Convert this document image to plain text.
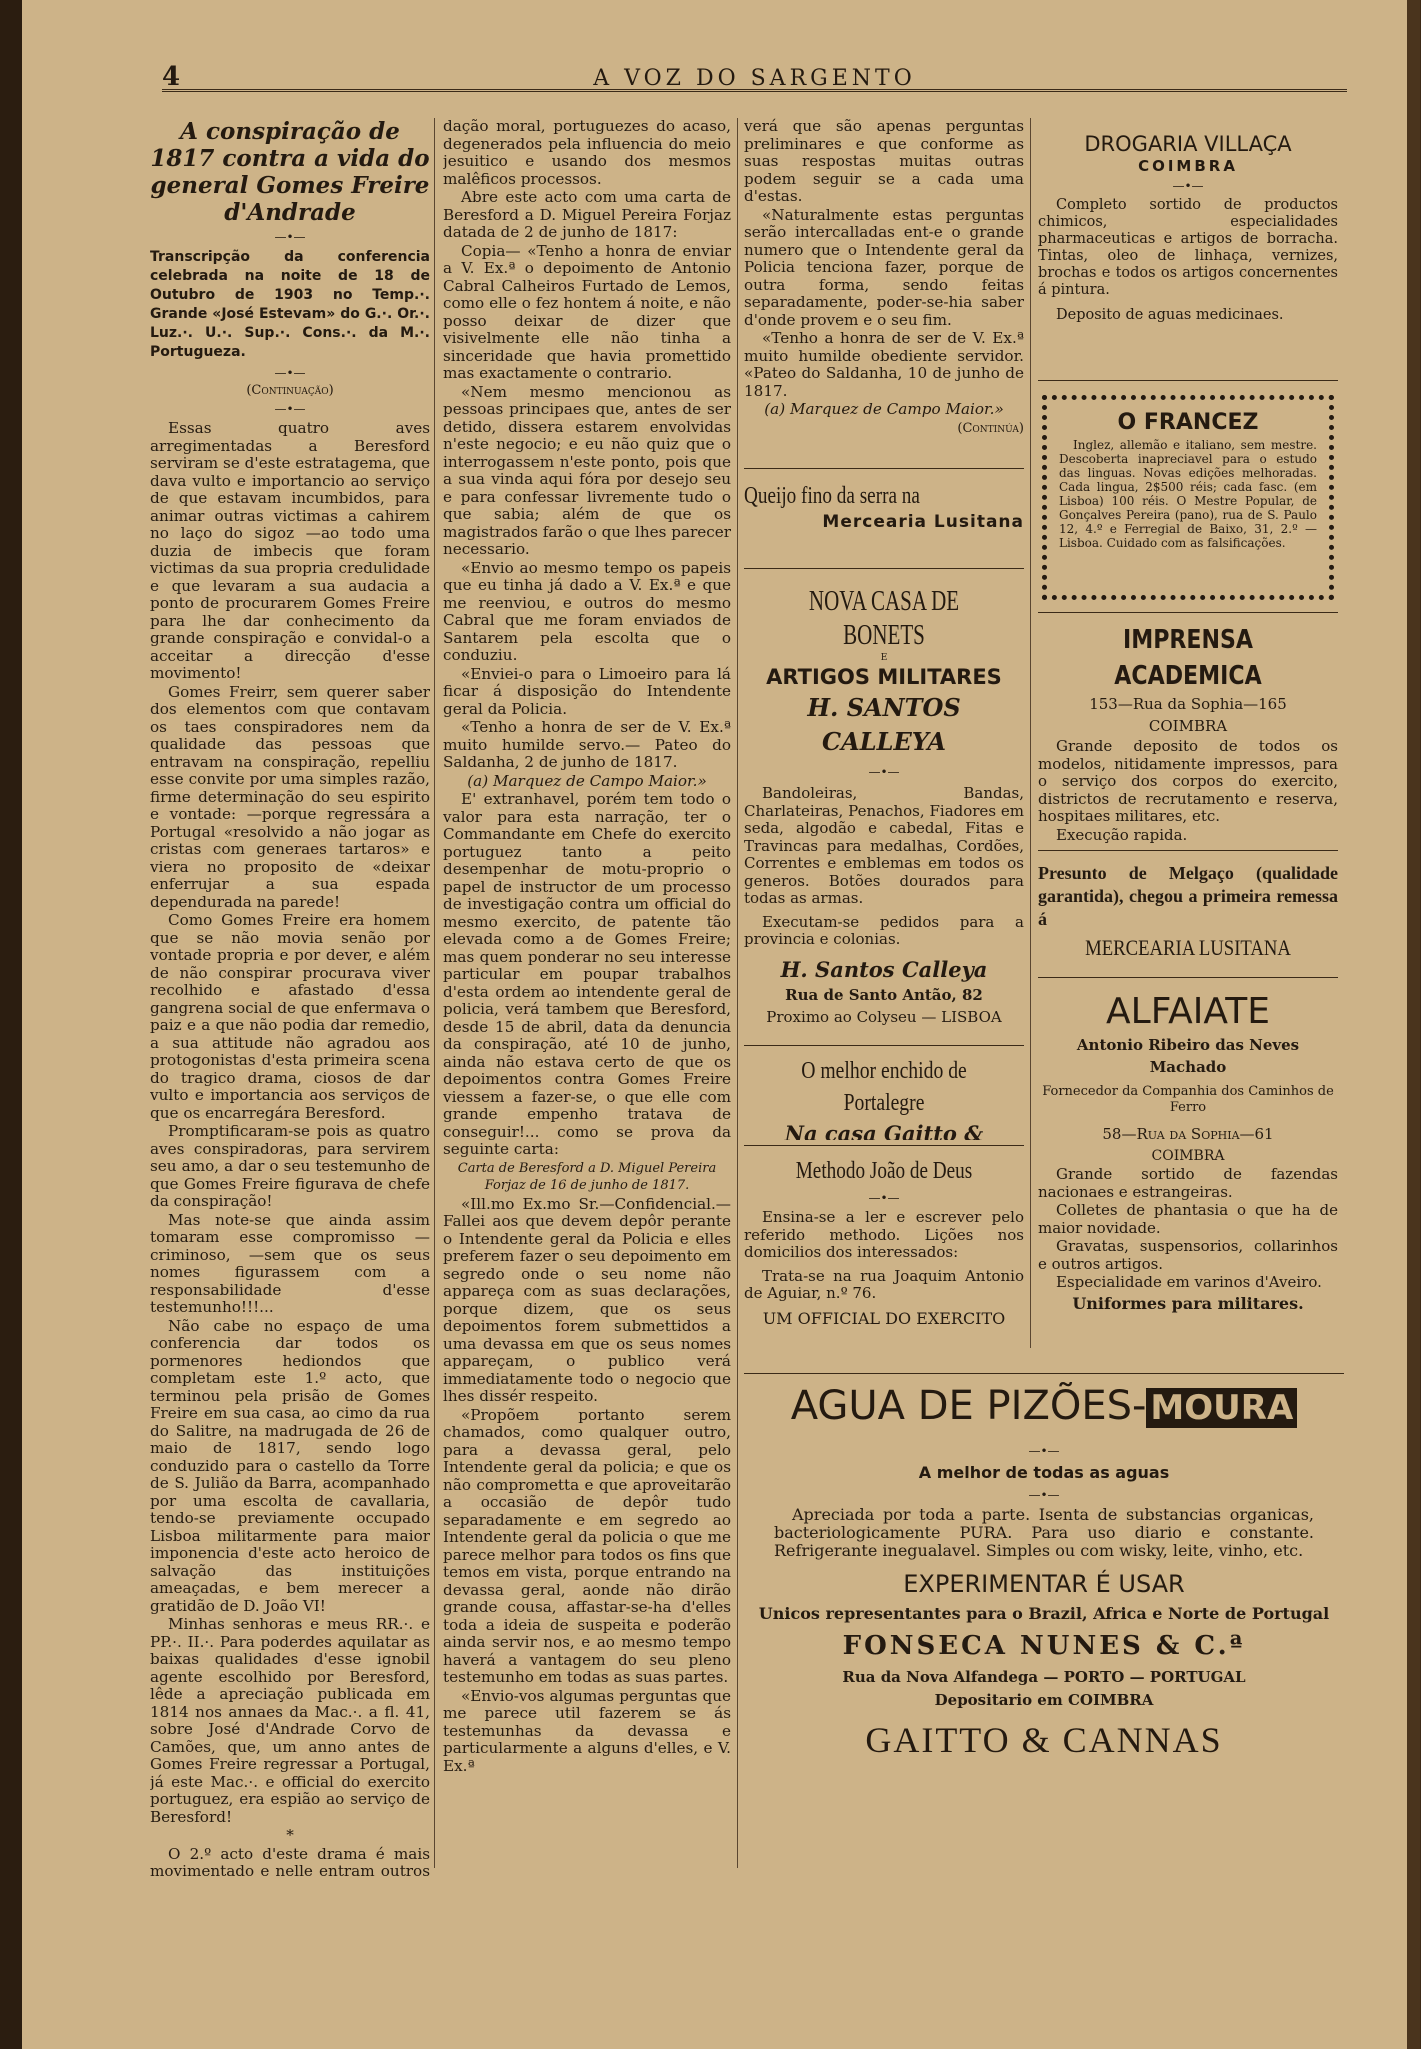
4	A VOZ DO SARGENTO
A conspiração de 1817 contra a vida do general Gomes Freire d'Andrade
—•—
Transcripção da conferencia celebrada na noite de 18 de Outubro de 1903 no Temp.·. Grande «José Estevam» do G.·. Or.·. Luz.·. U.·. Sup.·. Cons.·. da M.·. Portugueza.
—•—
(Continuação)
—•—

Essas quatro aves arregimentadas a Beresford serviram se d'este estratagema, que dava vulto e importancio ao serviço de que estavam incumbidos, para animar outras victimas a cahirem no laço do sigoz —ao todo uma duzia de imbecis que foram victimas da sua propria credulidade e que levaram a sua audacia a ponto de procurarem Gomes Freire para lhe dar conhecimento da grande conspiração e convidal-o a acceitar a direcção d'esse movimento!

Gomes Freirr, sem querer saber dos elementos com que contavam os taes conspiradores nem da qualidade das pessoas que entravam na conspiração, repelliu esse convite por uma simples razão, firme determinação do seu espirito e vontade: —porque regressára a Portugal «resolvido a não jogar as cristas com generaes tartaros» e viera no proposito de «deixar enferrujar a sua espada dependurada na parede!

Como Gomes Freire era homem que se não movia senão por vontade propria e por dever, e além de não conspirar procurava viver recolhido e afastado d'essa gangrena social de que enfermava o paiz e a que não podia dar remedio, a sua attitude não agradou aos protogonistas d'esta primeira scena do tragico drama, ciosos de dar vulto e importancia aos serviços de que os encarregára Beresford.

Promptificaram-se pois as quatro aves conspiradoras, para servirem seu amo, a dar o seu testemunho de que Gomes Freire figurava de chefe da conspiração!

Mas note-se que ainda assim tomaram esse compromisso —criminoso, —sem que os seus nomes figurassem com a responsabilidade d'esse testemunho!!!...

Não cabe no espaço de uma conferencia dar todos os pormenores hediondos que completam este 1.º acto, que terminou pela prisão de Gomes Freire em sua casa, ao cimo da rua do Salitre, na madrugada de 26 de maio de 1817, sendo logo conduzido para o castello da Torre de S. Julião da Barra, acompanhado por uma escolta de cavallaria, tendo-se previamente occupado Lisboa militarmente para maior imponencia d'este acto heroico de salvação das instituições ameaçadas, e bem merecer a gratidão de D. João VI!

Minhas senhoras e meus RR.·. e PP.·. II.·. Para poderdes aquilatar as baixas qualidades d'esse ignobil agente escolhido por Beresford, lêde a apreciação publicada em 1814 nos annaes da Mac.·. a fl. 41, sobre José d'Andrade Corvo de Camões, que, um anno antes de Gomes Freire regressar a Portugal, já este Mac.·. e official do exercito portuguez, era espião ao serviço de Beresford!

*

O 2.º acto d'este drama é mais movimentado e nelle entram outros

dação moral, portuguezes do acaso, degenerados pela influencia do meio jesuitico e usando dos mesmos malêficos processos.

Abre este acto com uma carta de Beresford a D. Miguel Pereira Forjaz datada de 2 de junho de 1817:

Copia— «Tenho a honra de enviar a V. Ex.ª o depoimento de Antonio Cabral Calheiros Furtado de Lemos, como elle o fez hontem á noite, e não posso deixar de dizer que visivelmente elle não tinha a sinceridade que havia promettido mas exactamente o contrario.

«Nem mesmo mencionou as pessoas principaes que, antes de ser detido, dissera estarem envolvidas n'este negocio; e eu não quiz que o interrogassem n'este ponto, pois que a sua vinda aqui fóra por desejo seu e para confessar livremente tudo o que sabia; além de que os magistrados farão o que lhes parecer necessario.

«Envio ao mesmo tempo os papeis que eu tinha já dado a V. Ex.ª e que me reenviou, e outros do mesmo Cabral que me foram enviados de Santarem pela escolta que o conduziu.

«Enviei-o para o Limoeiro para lá ficar á disposição do Intendente geral da Policia.

«Tenho a honra de ser de V. Ex.ª muito humilde servo.— Pateo do Saldanha, 2 de junho de 1817.

(a) Marquez de Campo Maior.»

E' extranhavel, porém tem todo o valor para esta narração, ter o Commandante em Chefe do exercito portuguez tanto a peito desempenhar de motu-proprio o papel de instructor de um processo de investigação contra um official do mesmo exercito, de patente tão elevada como a de Gomes Freire; mas quem ponderar no seu interesse particular em poupar trabalhos d'esta ordem ao intendente geral de policia, verá tambem que Beresford, desde 15 de abril, data da denuncia da conspiração, até 10 de junho, ainda não estava certo de que os depoimentos contra Gomes Freire viessem a fazer-se, o que elle com grande empenho tratava de conseguir!... como se prova da seguinte carta:

Carta de Beresford a D. Miguel Pereira Forjaz de 16 de junho de 1817.

«Ill.mo Ex.mo Sr.—Confidencial.— Fallei aos que devem depôr perante o Intendente geral da Policia e elles preferem fazer o seu depoimento em segredo onde o seu nome não appareça com as suas declarações, porque dizem, que os seus depoimentos forem submettidos a uma devassa em que os seus nomes appareçam, o publico verá immediatamente todo o negocio que lhes dissér respeito.

«Propõem portanto serem chamados, como qualquer outro, para a devassa geral, pelo Intendente geral da policia; e que os não comprometta e que aproveitarão a occasião de depôr tudo separadamente e em segredo ao Intendente geral da policia o que me parece melhor para todos os fins que temos em vista, porque entrando na devassa geral, aonde não dirão grande cousa, affastar-se-ha d'elles toda a ideia de suspeita e poderão ainda servir nos, e ao mesmo tempo haverá a vantagem do seu pleno testemunho em todas as suas partes.

«Envio-vos algumas perguntas que me parece util fazerem se ás testemunhas da devassa e particularmente a alguns d'elles, e V. Ex.ª

verá que são apenas perguntas preliminares e que conforme as suas respostas muitas outras podem seguir se a cada uma d'estas.

«Naturalmente estas perguntas serão intercalladas ent-e o grande numero que o Intendente geral da Policia tenciona fazer, porque de outra forma, sendo feitas separadamente, poder-se-hia saber d'onde provem e o seu fim.

«Tenho a honra de ser de V. Ex.ª muito humilde obediente servidor. «Pateo do Saldanha, 10 de junho de 1817.

(a) Marquez de Campo Maior.»

(Continúa)

Queijo fino da serra na
Mercearia Lusitana
NOVA CASA DE BONETS
E
ARTIGOS MILITARES
H. SANTOS CALLEYA
—•—

Bandoleiras, Bandas, Charlateiras, Penachos, Fiadores em seda, algodão e cabedal, Fitas e Travincas para medalhas, Cordões, Correntes e emblemas em todos os generos. Botões dourados para todas as armas.

Executam-se pedidos para a provincia e colonias.

H. Santos Calleya
Rua de Santo Antão, 82
Proximo ao Colyseu — LISBOA
O melhor enchido de Portalegre
Na casa Gaitto &
Methodo João de Deus
—•—

Ensina-se a ler e escrever pelo referido methodo. Lições nos domicilios dos interessados:

Trata-se na rua Joaquim Antonio de Aguiar, n.º 76.

UM OFFICIAL DO EXERCITO
DROGARIA VILLAÇA
COIMBRA
—•—

Completo sortido de productos chimicos, especialidades pharmaceuticas e artigos de borracha. Tintas, oleo de linhaça, vernizes, brochas e todos os artigos concernentes á pintura.

Deposito de aguas medicinaes.

O FRANCEZ

Inglez, allemão e italiano, sem mestre. Descoberta inapreciavel para o estudo das linguas. Novas edições melhoradas. Cada lingua, 2$500 réis; cada fasc. (em Lisboa) 100 réis. O Mestre Popular, de Gonçalves Pereira (pano), rua de S. Paulo 12, 4.º e Ferregial de Baixo, 31, 2.º — Lisboa. Cuidado com as falsificações.

IMPRENSA ACADEMICA
153—Rua da Sophia—165
COIMBRA

Grande deposito de todos os modelos, nitidamente impressos, para o serviço dos corpos do exercito, districtos de recrutamento e reserva, hospitaes militares, etc.

Execução rapida.

Presunto de Melgaço (qualidade garantida), chegou a primeira remessa á
MERCEARIA LUSITANA
ALFAIATE
Antonio Ribeiro das Neves Machado
Fornecedor da Companhia dos Caminhos de Ferro
58—Rua da Sophia—61
COIMBRA

Grande sortido de fazendas nacionaes e estrangeiras.

Colletes de phantasia o que ha de maior novidade.

Gravatas, suspensorios, collarinhos e outros artigos.

Especialidade em varinos d'Aveiro.

Uniformes para militares.
AGUA DE PIZÕES- MOURA
—•—
A melhor de todas as aguas
—•—

Apreciada por toda a parte. Isenta de substancias organicas, bacteriologicamente PURA. Para uso diario e constante. Refrigerante inegualavel. Simples ou com wisky, leite, vinho, etc.

EXPERIMENTAR É USAR
Unicos representantes para o Brazil, Africa e Norte de Portugal
FONSECA NUNES & C.ª
Rua da Nova Alfandega — PORTO — PORTUGAL
Depositario em COIMBRA
GAITTO & CANNAS
